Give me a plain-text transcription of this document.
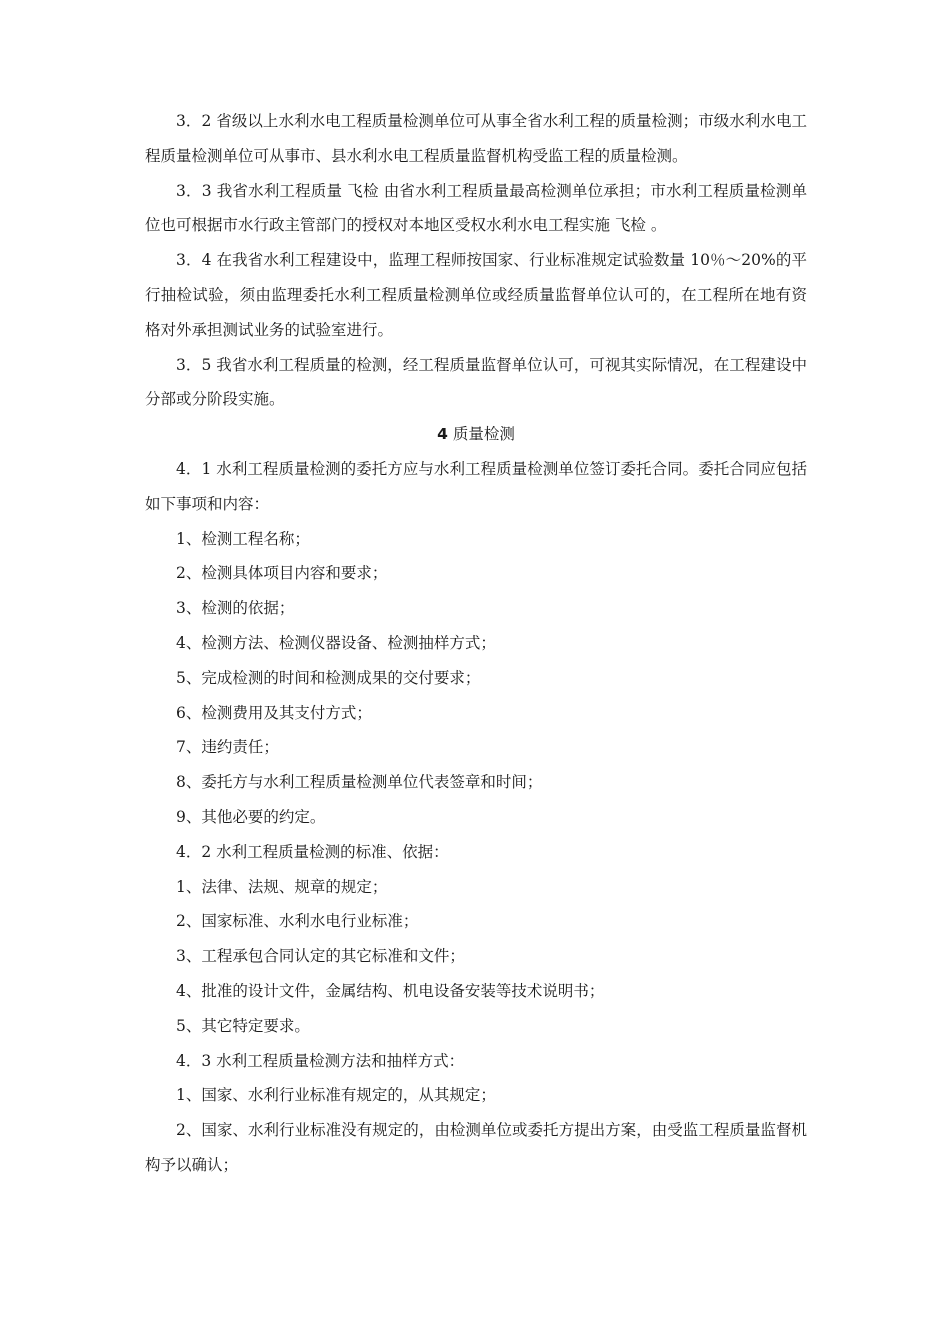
3．2 省级以上水利水电工程质量检测单位可从事全省水利工程的质量检测；市级水利水电工程质量检测单位可从事市、县水利水电工程质量监督机构受监工程的质量检测。

3．3 我省水利工程质量 飞检 由省水利工程质量最高检测单位承担；市水利工程质量检测单位也可根据市水行政主管部门的授权对本地区受权水利水电工程实施 飞检 。

3．4 在我省水利工程建设中，监理工程师按国家、行业标准规定试验数量 10％～20%的平行抽检试验，须由监理委托水利工程质量检测单位或经质量监督单位认可的，在工程所在地有资格对外承担测试业务的试验室进行。

3．5 我省水利工程质量的检测，经工程质量监督单位认可，可视其实际情况，在工程建设中分部或分阶段实施。

4 质量检测

4．1 水利工程质量检测的委托方应与水利工程质量检测单位签订委托合同。委托合同应包括如下事项和内容：

1、检测工程名称；

2、检测具体项目内容和要求；

3、检测的依据；

4、检测方法、检测仪器设备、检测抽样方式；

5、完成检测的时间和检测成果的交付要求；

6、检测费用及其支付方式；

7、违约责任；

8、委托方与水利工程质量检测单位代表签章和时间；

9、其他必要的约定。

4．2 水利工程质量检测的标准、依据：

1、法律、法规、规章的规定；

2、国家标准、水利水电行业标准；

3、工程承包合同认定的其它标准和文件；

4、批准的设计文件，金属结构、机电设备安装等技术说明书；

5、其它特定要求。

4．3 水利工程质量检测方法和抽样方式：

1、国家、水利行业标准有规定的，从其规定；

2、国家、水利行业标准没有规定的，由检测单位或委托方提出方案，由受监工程质量监督机构予以确认；
